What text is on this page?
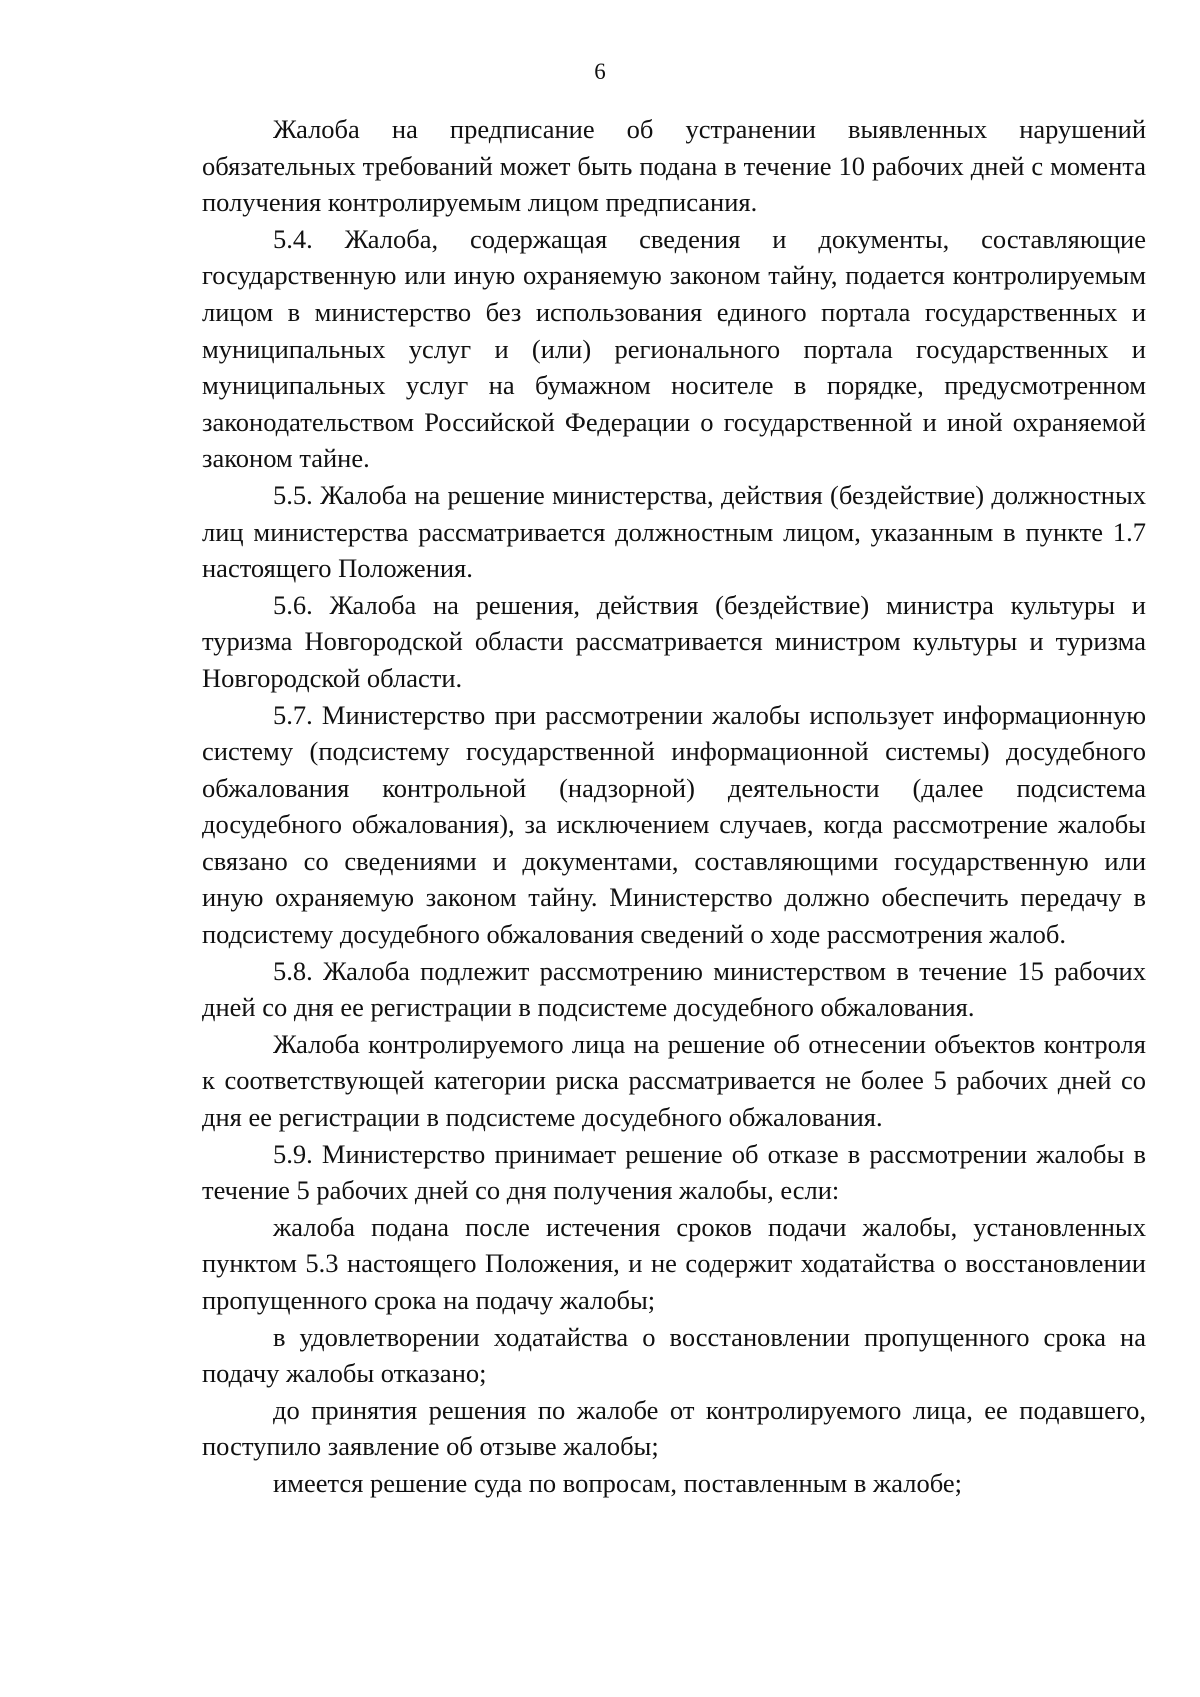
6

Жалоба на предписание об устранении выявленных нарушений обязательных требований может быть подана в течение 10 рабочих дней с момента получения контролируемым лицом предписания.

5.4. Жалоба, содержащая сведения и документы, составляющие государственную или иную охраняемую законом тайну, подается контролируемым лицом в министерство без использования единого портала государственных и муниципальных услуг и (или) регионального портала государственных и муниципальных услуг на бумажном носителе в порядке, предусмотренном законодательством Российской Федерации о государственной и иной охраняемой законом тайне.

5.5. Жалоба на решение министерства, действия (бездействие) должностных лиц министерства рассматривается должностным лицом, указанным в пункте 1.7 настоящего Положения.

5.6. Жалоба на решения, действия (бездействие) министра культуры и туризма Новгородской области рассматривается министром культуры и туризма Новгородской области.

5.7. Министерство при рассмотрении жалобы использует информационную систему (подсистему государственной информационной системы) досудебного обжалования контрольной (надзорной) деятельности (далее подсистема досудебного обжалования), за исключением случаев, когда рассмотрение жалобы связано со сведениями и документами, составляющими государственную или иную охраняемую законом тайну. Министерство должно обеспечить передачу в подсистему досудебного обжалования сведений о ходе рассмотрения жалоб.

5.8. Жалоба подлежит рассмотрению министерством в течение 15 рабочих дней со дня ее регистрации в подсистеме досудебного обжалования.

Жалоба контролируемого лица на решение об отнесении объектов контроля к соответствующей категории риска рассматривается не более 5 рабочих дней со дня ее регистрации в подсистеме досудебного обжалования.

5.9. Министерство принимает решение об отказе в рассмотрении жалобы в течение 5 рабочих дней со дня получения жалобы, если:

жалоба подана после истечения сроков подачи жалобы, установленных пунктом 5.3 настоящего Положения, и не содержит ходатайства о восстановлении пропущенного срока на подачу жалобы;

в удовлетворении ходатайства о восстановлении пропущенного срока на подачу жалобы отказано;

до принятия решения по жалобе от контролируемого лица, ее подавшего, поступило заявление об отзыве жалобы;

имеется решение суда по вопросам, поставленным в жалобе;
